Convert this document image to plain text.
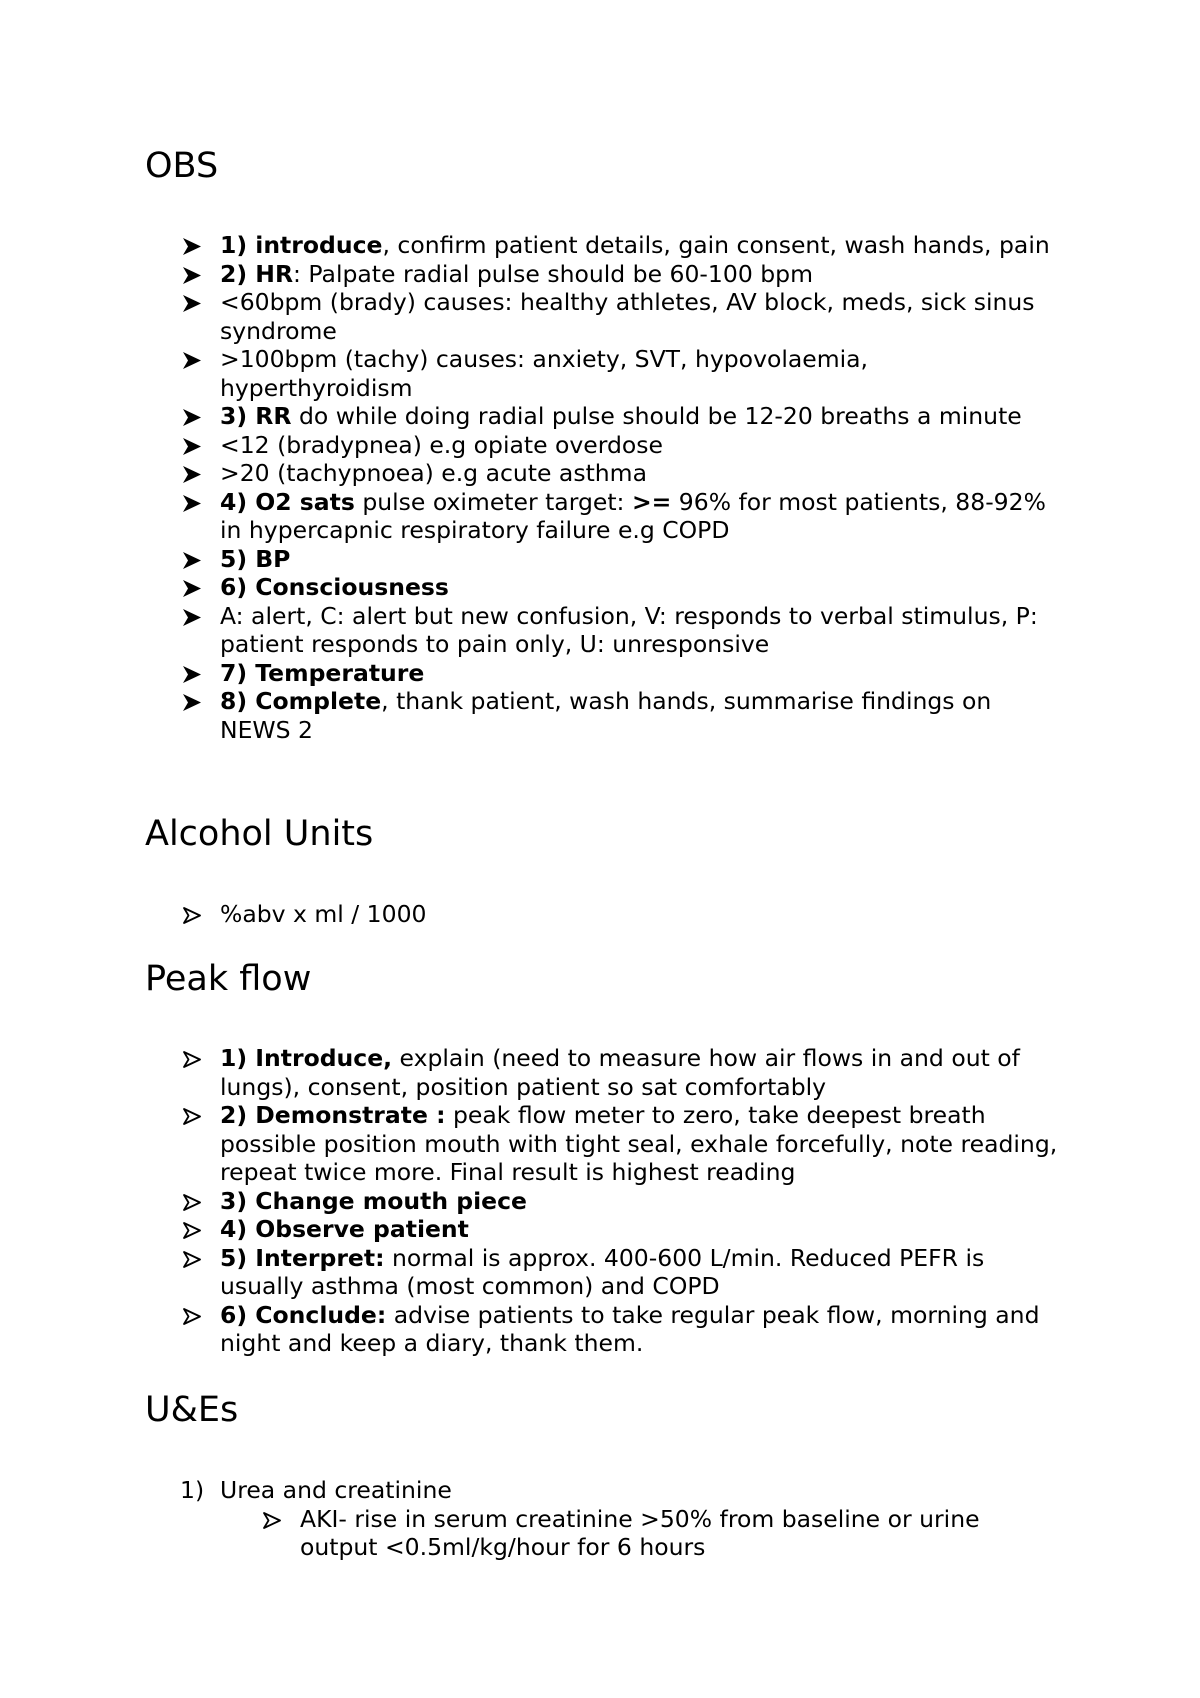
OBS
1) introduce, confirm patient details, gain consent, wash hands, pain
2) HR: Palpate radial pulse should be 60-100 bpm
<60bpm (brady) causes: healthy athletes, AV block, meds, sick sinus syndrome
>100bpm (tachy) causes: anxiety, SVT, hypovolaemia, hyperthyroidism
3) RR do while doing radial pulse should be 12-20 breaths a minute
<12 (bradypnea) e.g opiate overdose
>20 (tachypnoea) e.g acute asthma
4) O2 sats pulse oximeter target: >= 96% for most patients, 88-92% in hypercapnic respiratory failure e.g COPD
5) BP
6) Consciousness
A: alert, C: alert but new confusion, V: responds to verbal stimulus, P: patient responds to pain only, U: unresponsive
7) Temperature
8) Complete, thank patient, wash hands, summarise findings on NEWS 2
Alcohol Units
%abv x ml / 1000
Peak flow
1) Introduce, explain (need to measure how air flows in and out of lungs), consent, position patient so sat comfortably
2) Demonstrate : peak flow meter to zero, take deepest breath possible position mouth with tight seal, exhale forcefully, note reading, repeat twice more. Final result is highest reading
3) Change mouth piece
4) Observe patient
5) Interpret: normal is approx. 400-600 L/min. Reduced PEFR is usually asthma (most common) and COPD
6) Conclude: advise patients to take regular peak flow, morning and night and keep a diary, thank them.
U&Es
1) Urea and creatinine
AKI- rise in serum creatinine >50% from baseline or urine output <0.5ml/kg/hour for 6 hours
